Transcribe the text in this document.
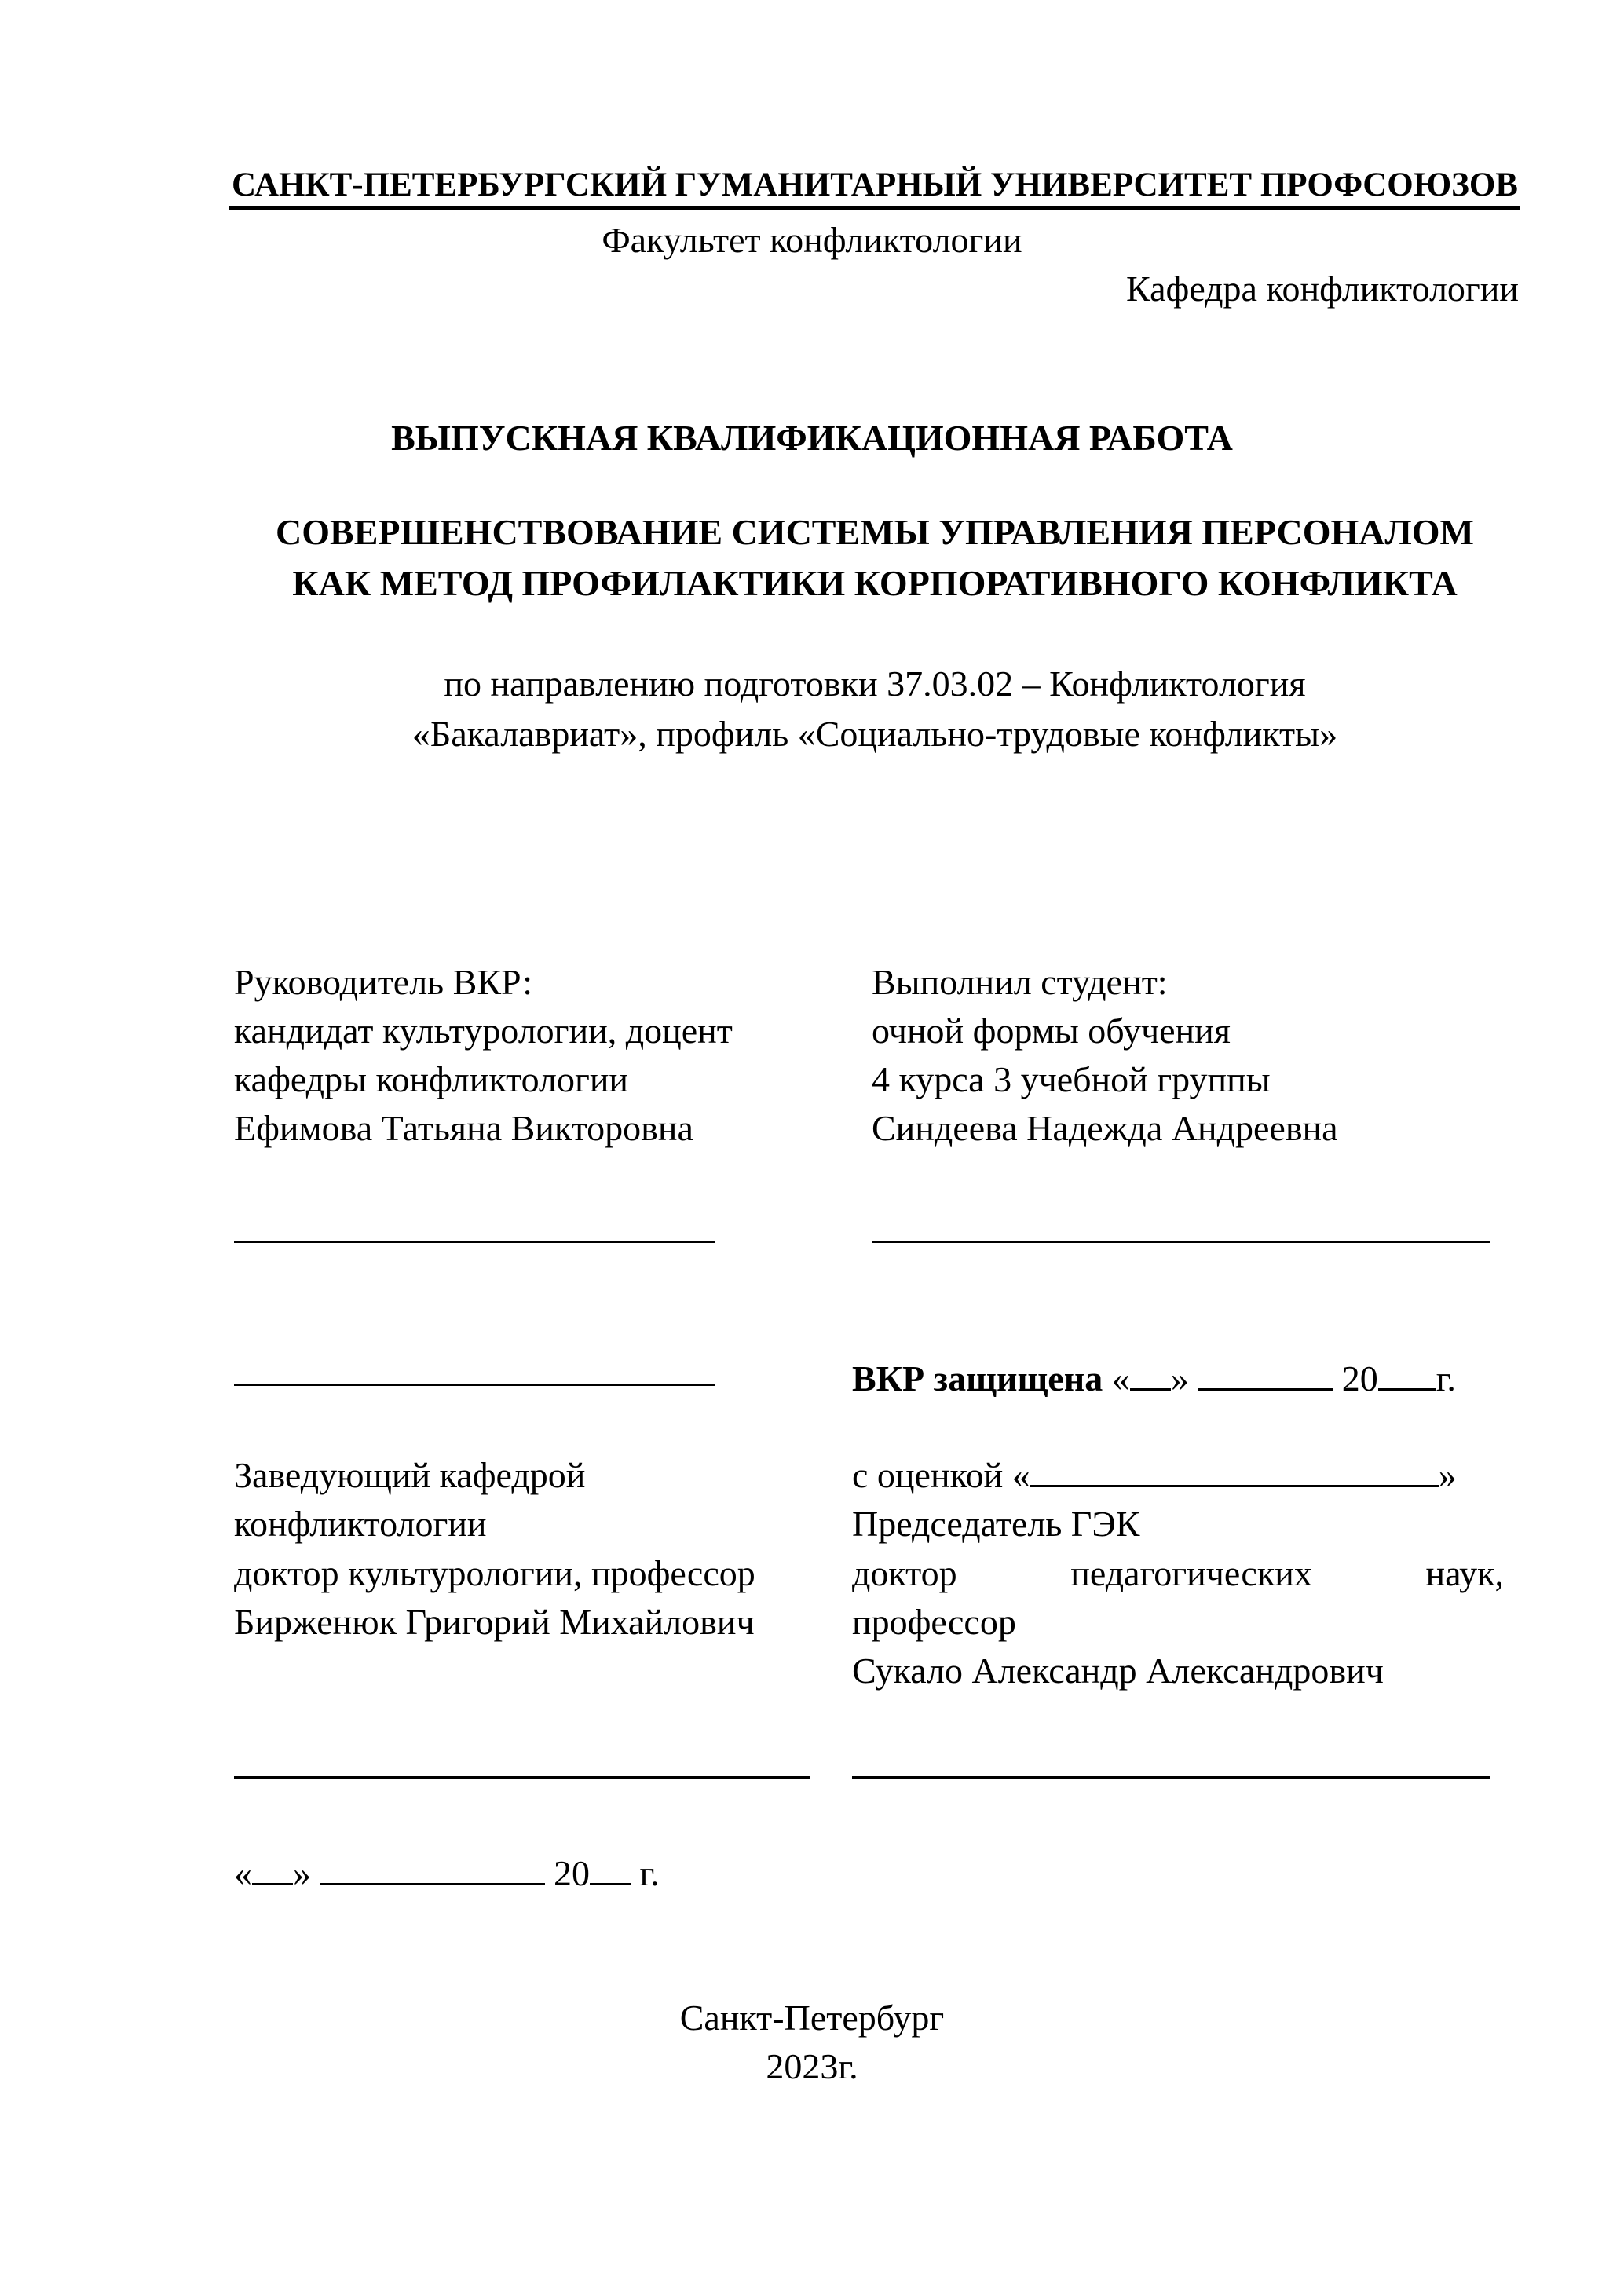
САНКТ-ПЕТЕРБУРГСКИЙ ГУМАНИТАРНЫЙ УНИВЕРСИТЕТ ПРОФСОЮЗОВ
Факультет конфликтологии
Кафедра конфликтологии
ВЫПУСКНАЯ КВАЛИФИКАЦИОННАЯ РАБОТА
СОВЕРШЕНСТВОВАНИЕ СИСТЕМЫ УПРАВЛЕНИЯ ПЕРСОНАЛОМ
КАК МЕТОД ПРОФИЛАКТИКИ КОРПОРАТИВНОГО КОНФЛИКТА
по направлению подготовки 37.03.02 – Конфликтология
«Бакалавриат», профиль «Социально-трудовые конфликты»
Руководитель ВКР:
кандидат культурологии, доцент
кафедры конфликтологии
Ефимова Татьяна Викторовна
Выполнил студент:
очной формы обучения
4 курса 3 учебной группы
Синдеева Надежда Андреевна
ВКР защищена « »	20 г.
Заведующий кафедрой
конфликтологии
доктор культурологии, профессор
Бирженюк Григорий Михайлович
с оценкой «	»
Председатель ГЭК
доктор	педагогических	наук,
профессор
Сукало Александр Александрович
« »	20 г.
Санкт-Петербург
2023г.
